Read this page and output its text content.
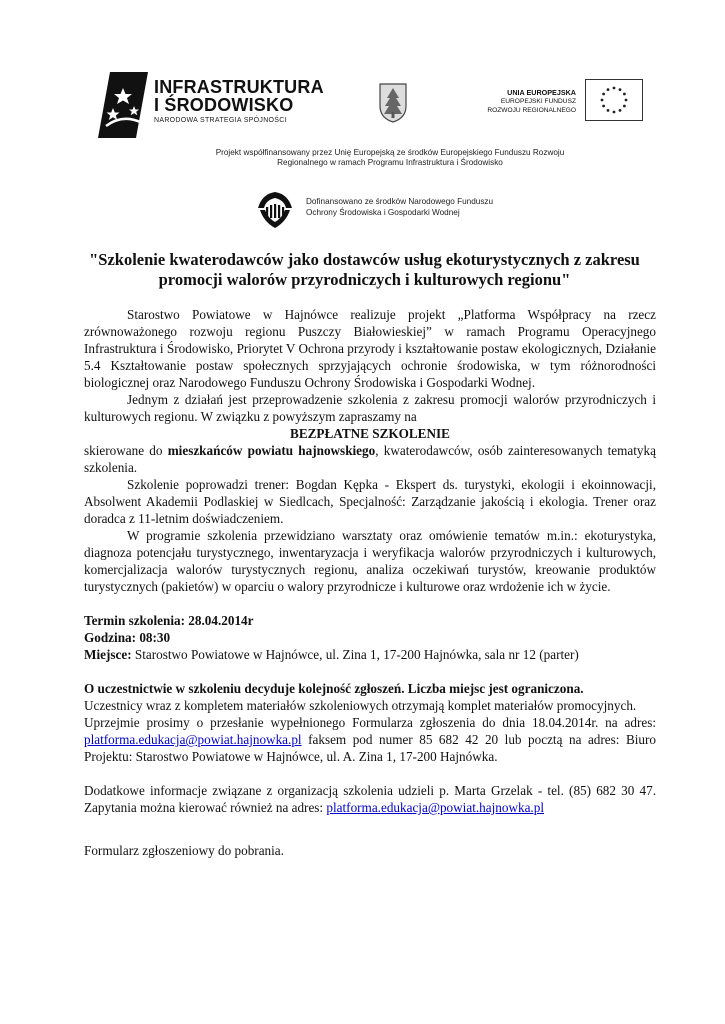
INFRASTRUKTURA
I ŚRODOWISKO
NARODOWA STRATEGIA SPÓJNOŚCI
UNIA EUROPEJSKA
EUROPEJSKI FUNDUSZ
ROZWOJU REGIONALNEGO
Projekt współfinansowany przez Unię Europejską ze środków Europejskiego Funduszu Rozwoju
Regionalnego w ramach Programu Infrastruktura i Środowisko
Dofinansowano ze środków Narodowego Funduszu
Ochrony Środowiska i Gospodarki Wodnej
"Szkolenie kwaterodawców jako dostawców usług ekoturystycznych z zakresu
promocji walorów przyrodniczych i kulturowych regionu"

Starostwo Powiatowe w Hajnówce realizuje projekt „Platforma Współpracy na rzecz zrównoważonego rozwoju regionu Puszczy Białowieskiej” w ramach Programu Operacyjnego Infrastruktura i Środowisko, Priorytet V Ochrona przyrody i kształtowanie postaw ekologicznych, Działanie 5.4 Kształtowanie postaw społecznych sprzyjających ochronie środowiska, w tym różnorodności biologicznej oraz Narodowego Funduszu Ochrony Środowiska i Gospodarki Wodnej.

Jednym z działań jest przeprowadzenie szkolenia z zakresu promocji walorów przyrodniczych i kulturowych regionu. W związku z powyższym zapraszamy na

BEZPŁATNE SZKOLENIE

skierowane do mieszkańców powiatu hajnowskiego, kwaterodawców, osób zainteresowanych tematyką szkolenia.

Szkolenie poprowadzi trener: Bogdan Kępka - Ekspert ds. turystyki, ekologii i ekoinnowacji, Absolwent Akademii Podlaskiej w Siedlcach, Specjalność: Zarządzanie jakością i ekologia. Trener oraz doradca z 11-letnim doświadczeniem.

W programie szkolenia przewidziano warsztaty oraz omówienie tematów m.in.: ekoturystyka, diagnoza potencjału turystycznego, inwentaryzacja i weryfikacja walorów przyrodniczych i kulturowych, komercjalizacja walorów turystycznych regionu, analiza oczekiwań turystów, kreowanie produktów turystycznych (pakietów) w oparciu o walory przyrodnicze i kulturowe oraz wrdożenie ich w życie.

Termin szkolenia: 28.04.2014r

Godzina: 08:30

Miejsce: Starostwo Powiatowe w Hajnówce, ul. Zina 1, 17-200 Hajnówka, sala nr 12 (parter)

O uczestnictwie w szkoleniu decyduje kolejność zgłoszeń. Liczba miejsc jest ograniczona.

Uczestnicy wraz z kompletem materiałów szkoleniowych otrzymają komplet materiałów promocyjnych.

Uprzejmie prosimy o przesłanie wypełnionego Formularza zgłoszenia do dnia 18.04.2014r. na adres: platforma.edukacja@powiat.hajnowka.pl faksem pod numer 85 682 42 20 lub pocztą na adres: Biuro Projektu: Starostwo Powiatowe w Hajnówce, ul. A. Zina 1, 17-200 Hajnówka.

Dodatkowe informacje związane z organizacją szkolenia udzieli p. Marta Grzelak - tel. (85) 682 30 47. Zapytania można kierować również na adres: platforma.edukacja@powiat.hajnowka.pl

Formularz zgłoszeniowy do pobrania.
